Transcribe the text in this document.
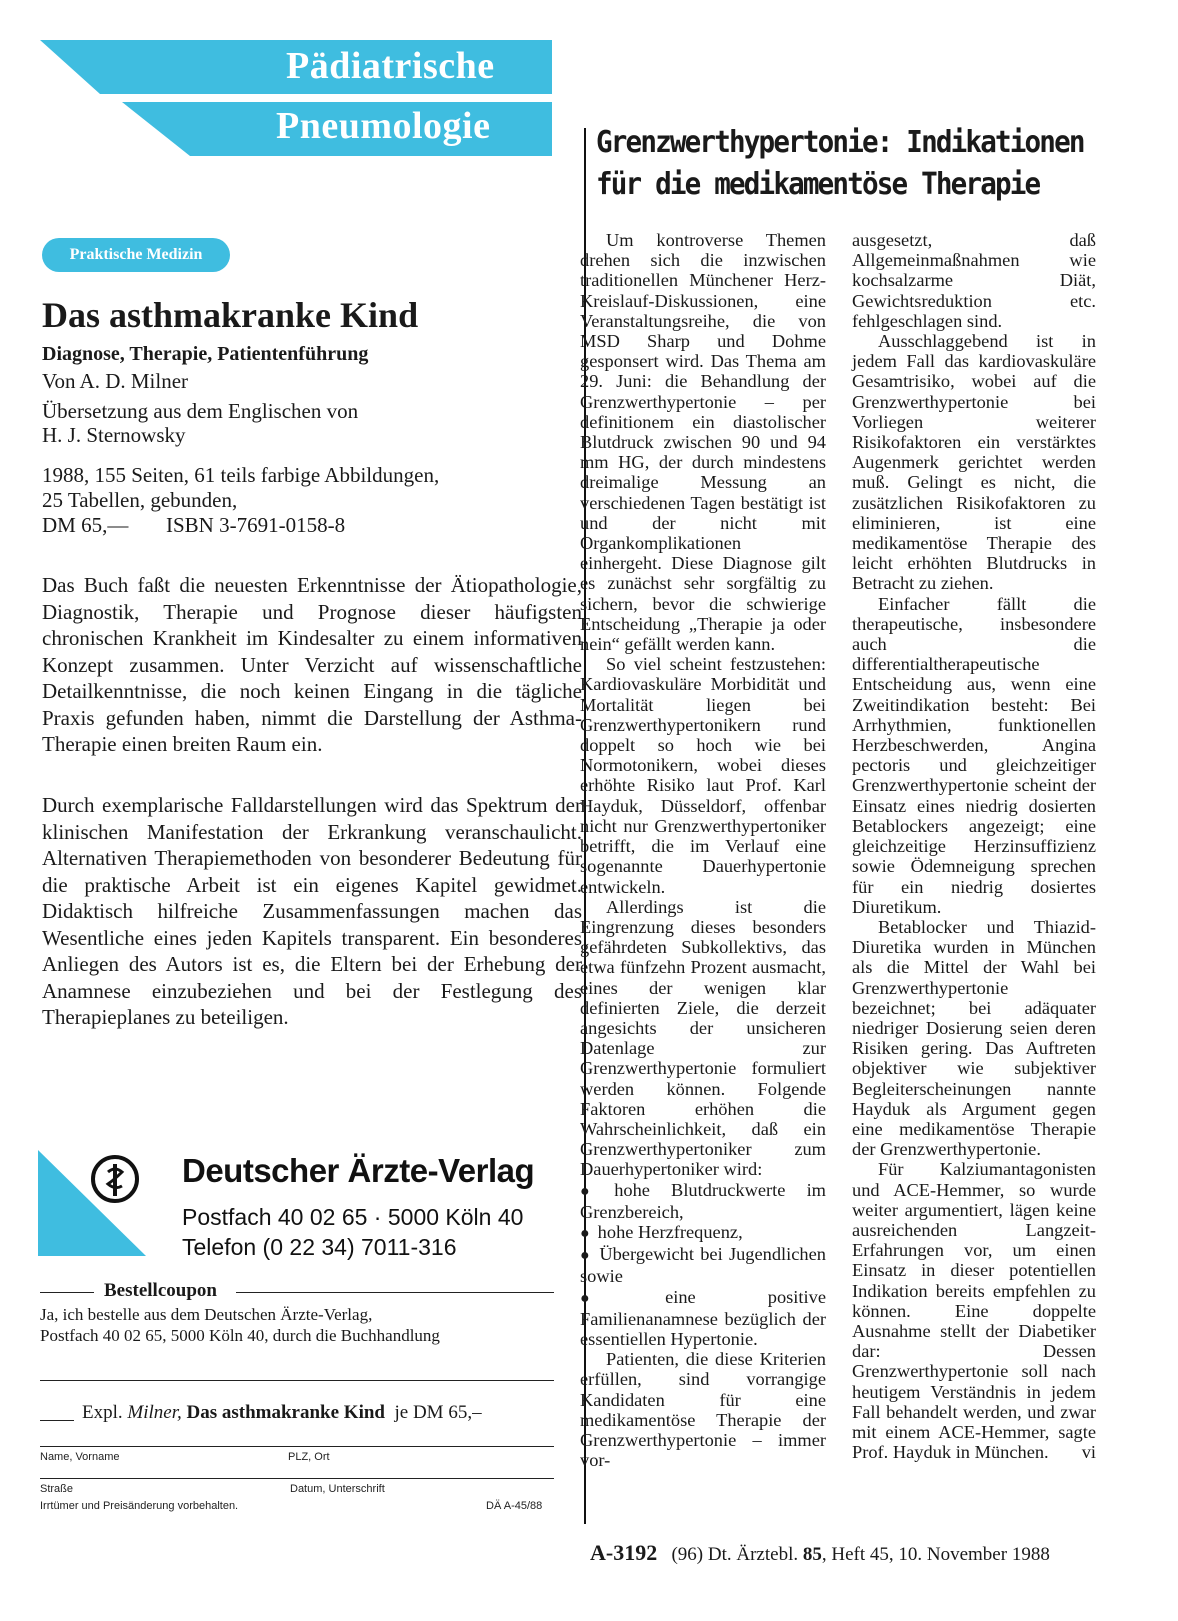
Pädiatrische
Pneumologie
Praktische Medizin
Das asthmakranke Kind
Diagnose, Therapie, Patientenführung
Von A. D. Milner
Übersetzung aus dem Englischen von
H. J. Sternowsky
1988, 155 Seiten, 61 teils farbige Abbildungen,
25 Tabellen, gebunden,
DM 65,— ISBN 3-7691-0158-8
Das Buch faßt die neuesten Erkenntnisse der Ätiopathologie, Diagnostik, Therapie und Prognose dieser häufigsten chronischen Krankheit im Kindesalter zu einem informativen Konzept zusammen. Unter Verzicht auf wissenschaftliche Detailkenntnisse, die noch keinen Eingang in die tägliche Praxis gefunden haben, nimmt die Darstellung der Asthma-Therapie einen breiten Raum ein.
Durch exemplarische Falldarstellungen wird das Spektrum der klinischen Manifestation der Erkrankung veranschaulicht. Alternativen Therapiemethoden von besonderer Bedeutung für die praktische Arbeit ist ein eigenes Kapitel gewidmet. Didaktisch hilfreiche Zusammenfassungen machen das Wesentliche eines jeden Kapitels transparent. Ein besonderes Anliegen des Autors ist es, die Eltern bei der Erhebung der Anamnese einzubeziehen und bei der Festlegung des Therapieplanes zu beteiligen.
Deutscher Ärzte-Verlag
Postfach 40 02 65 · 5000 Köln 40
Telefon (0 22 34) 7011-316
Bestellcoupon
Ja, ich bestelle aus dem Deutschen Ärzte-Verlag,
Postfach 40 02 65, 5000 Köln 40, durch die Buchhandlung
Expl. Milner, Das asthmakranke Kind je DM 65,–
Name, Vorname	PLZ, Ort
Straße	Datum, Unterschrift
Irrtümer und Preisänderung vorbehalten.	DÄ A-45/88
Grenzwerthypertonie: Indikationen
für die medikamentöse Therapie

Um kontroverse Themen drehen sich die inzwischen traditionellen Münchener Herz-Kreislauf-Diskussionen, eine Veranstaltungsreihe, die von MSD Sharp und Dohme gesponsert wird. Das Thema am 29. Juni: die Behandlung der Grenzwerthypertonie – per definitionem ein diastolischer Blutdruck zwischen 90 und 94 mm HG, der durch mindestens dreimalige Messung an verschiedenen Tagen bestätigt ist und der nicht mit Organkomplikationen einhergeht. Diese Diagnose gilt es zunächst sehr sorgfältig zu sichern, bevor die schwierige Entscheidung „Therapie ja oder nein“ gefällt werden kann.

So viel scheint festzustehen: Kardiovaskuläre Morbidität und Mortalität liegen bei Grenzwerthypertonikern rund doppelt so hoch wie bei Normotonikern, wobei dieses erhöhte Risiko laut Prof. Karl Hayduk, Düsseldorf, offenbar nicht nur Grenzwerthypertoniker betrifft, die im Verlauf eine sogenannte Dauerhypertonie entwickeln.

Allerdings ist die Eingrenzung dieses besonders gefährdeten Subkollektivs, das etwa fünfzehn Prozent ausmacht, eines der wenigen klar definierten Ziele, die derzeit angesichts der unsicheren Datenlage zur Grenzwerthypertonie formuliert werden können. Folgende Faktoren erhöhen die Wahrscheinlichkeit, daß ein Grenzwerthypertoniker zum Dauerhypertoniker wird:

● hohe Blutdruckwerte im Grenzbereich,

● hohe Herzfrequenz,

● Übergewicht bei Jugendlichen sowie

● eine positive Familienanamnese bezüglich der essentiellen Hypertonie.

Patienten, die diese Kriterien erfüllen, sind vorrangige Kandidaten für eine medikamentöse Therapie der Grenzwerthypertonie – immer vor-

ausgesetzt, daß Allgemeinmaßnahmen wie kochsalzarme Diät, Gewichtsreduktion etc. fehlgeschlagen sind.

Ausschlaggebend ist in jedem Fall das kardiovaskuläre Gesamtrisiko, wobei auf die Grenzwerthypertonie bei Vorliegen weiterer Risikofaktoren ein verstärktes Augenmerk gerichtet werden muß. Gelingt es nicht, die zusätzlichen Risikofaktoren zu eliminieren, ist eine medikamentöse Therapie des leicht erhöhten Blutdrucks in Betracht zu ziehen.

Einfacher fällt die therapeutische, insbesondere auch die differentialtherapeutische Entscheidung aus, wenn eine Zweitindikation besteht: Bei Arrhythmien, funktionellen Herzbeschwerden, Angina pectoris und gleichzeitiger Grenzwerthypertonie scheint der Einsatz eines niedrig dosierten Betablockers angezeigt; eine gleichzeitige Herzinsuffizienz sowie Ödemneigung sprechen für ein niedrig dosiertes Diuretikum.

Betablocker und Thiazid-Diuretika wurden in München als die Mittel der Wahl bei Grenzwerthypertonie bezeichnet; bei adäquater niedriger Dosierung seien deren Risiken gering. Das Auftreten objektiver wie subjektiver Begleiterscheinungen nannte Hayduk als Argument gegen eine medikamentöse Therapie der Grenzwerthypertonie.

Für Kalziumantagonisten und ACE-Hemmer, so wurde weiter argumentiert, lägen keine ausreichenden Langzeit-Erfahrungen vor, um einen Einsatz in dieser potentiellen Indikation bereits empfehlen zu können. Eine doppelte Ausnahme stellt der Diabetiker dar: Dessen Grenzwerthypertonie soll nach heutigem Verständnis in jedem Fall behandelt werden, und zwar mit einem ACE-Hemmer, sagte Prof. Hayduk in München.	vi

A-3192 (96) Dt. Ärztebl. 85, Heft 45, 10. November 1988
